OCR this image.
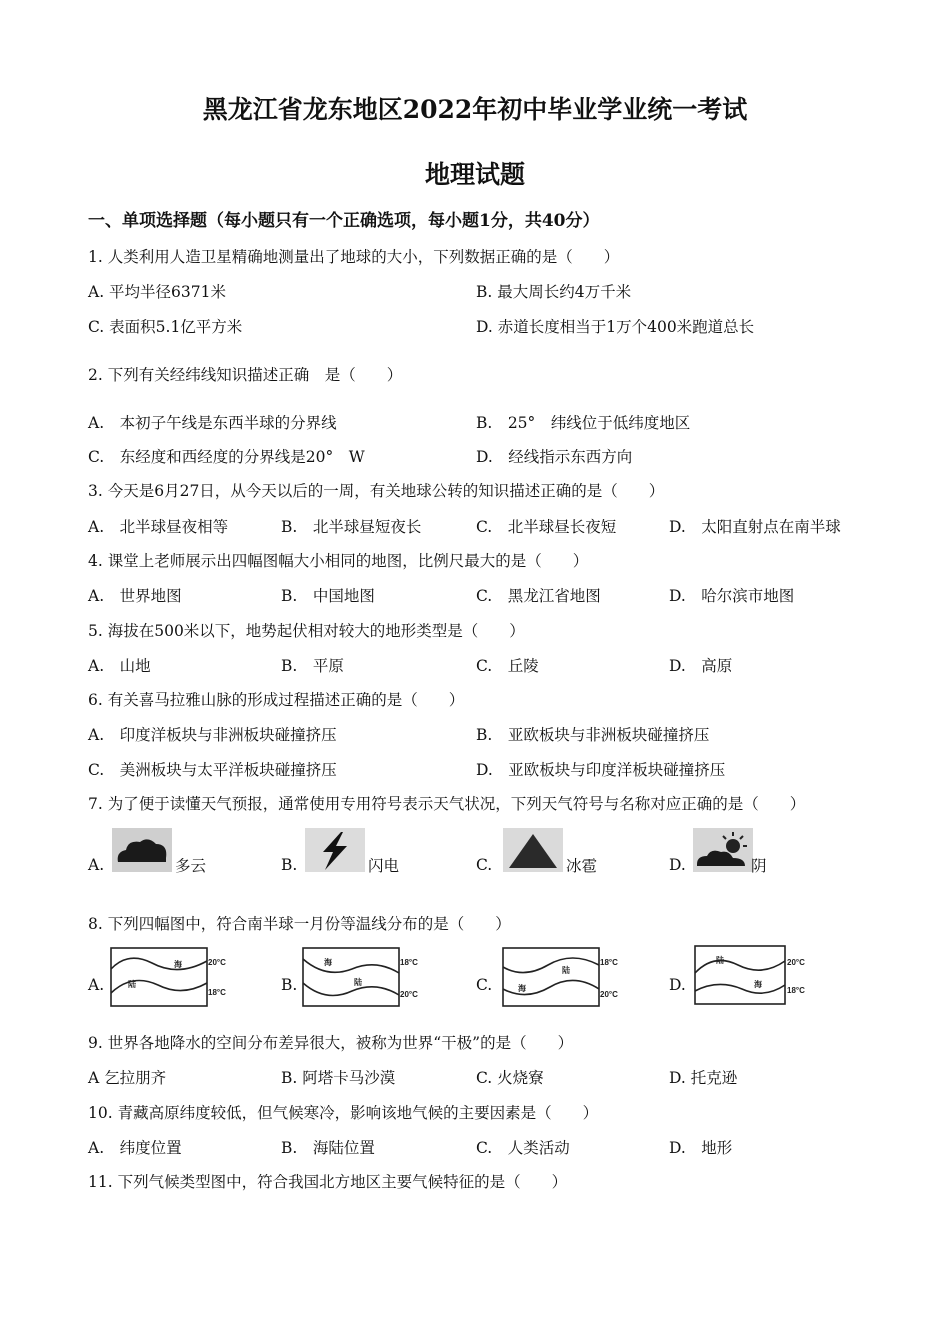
黑龙江省龙东地区2022年初中毕业学业统一考试
地理试题
一、单项选择题（每小题只有一个正确选项，每小题1分，共40分）
1. 人类利用人造卫星精确地测量出了地球的大小，下列数据正确的是（　　）
A. 平均半径6371米	B. 最大周长约4万千米
C. 表面积5.1亿平方米	D. 赤道长度相当于1万个400米跑道总长
2. 下列有关经纬线知识描述正确　是（　　）
A.　本初子午线是东西半球的分界线	B.　25°　纬线位于低纬度地区
C.　东经度和西经度的分界线是20°　W	D.　经线指示东西方向
3. 今天是6月27日，从今天以后的一周，有关地球公转的知识描述正确的是（　　）
A.　北半球昼夜相等	B.　北半球昼短夜长	C.　北半球昼长夜短	D.　太阳直射点在南半球
4. 课堂上老师展示出四幅图幅大小相同的地图，比例尺最大的是（　　）
A.　世界地图	B.　中国地图	C.　黑龙江省地图	D.　哈尔滨市地图
5. 海拔在500米以下，地势起伏相对较大的地形类型是（　　）
A.　山地	B.　平原	C.　丘陵	D.　高原
6. 有关喜马拉雅山脉的形成过程描述正确的是（　　）
A.　印度洋板块与非洲板块碰撞挤压	B.　亚欧板块与非洲板块碰撞挤压
C.　美洲板块与太平洋板块碰撞挤压	D.　亚欧板块与印度洋板块碰撞挤压
7. 为了便于读懂天气预报，通常使用专用符号表示天气状况，下列天气符号与名称对应正确的是（　　）
A.	多云	B.	闪电	C.	冰雹	D.	阴
8. 下列四幅图中，符合南半球一月份等温线分布的是（　　）
A.
海
陆
20°C
18°C	B.
海
陆
18°C
20°C
C.
陆
海
18°C
20°C
D.
陆
海
20°C
18°C
9. 世界各地降水的空间分布差异很大，被称为世界“干极”的是（　　）
A 乞拉朋齐	B. 阿塔卡马沙漠	C. 火烧寮	D. 托克逊
10. 青藏高原纬度较低，但气候寒冷，影响该地气候的主要因素是（　　）
A.　纬度位置	B.　海陆位置	C.　人类活动	D.　地形
11. 下列气候类型图中，符合我国北方地区主要气候特征的是（　　）
